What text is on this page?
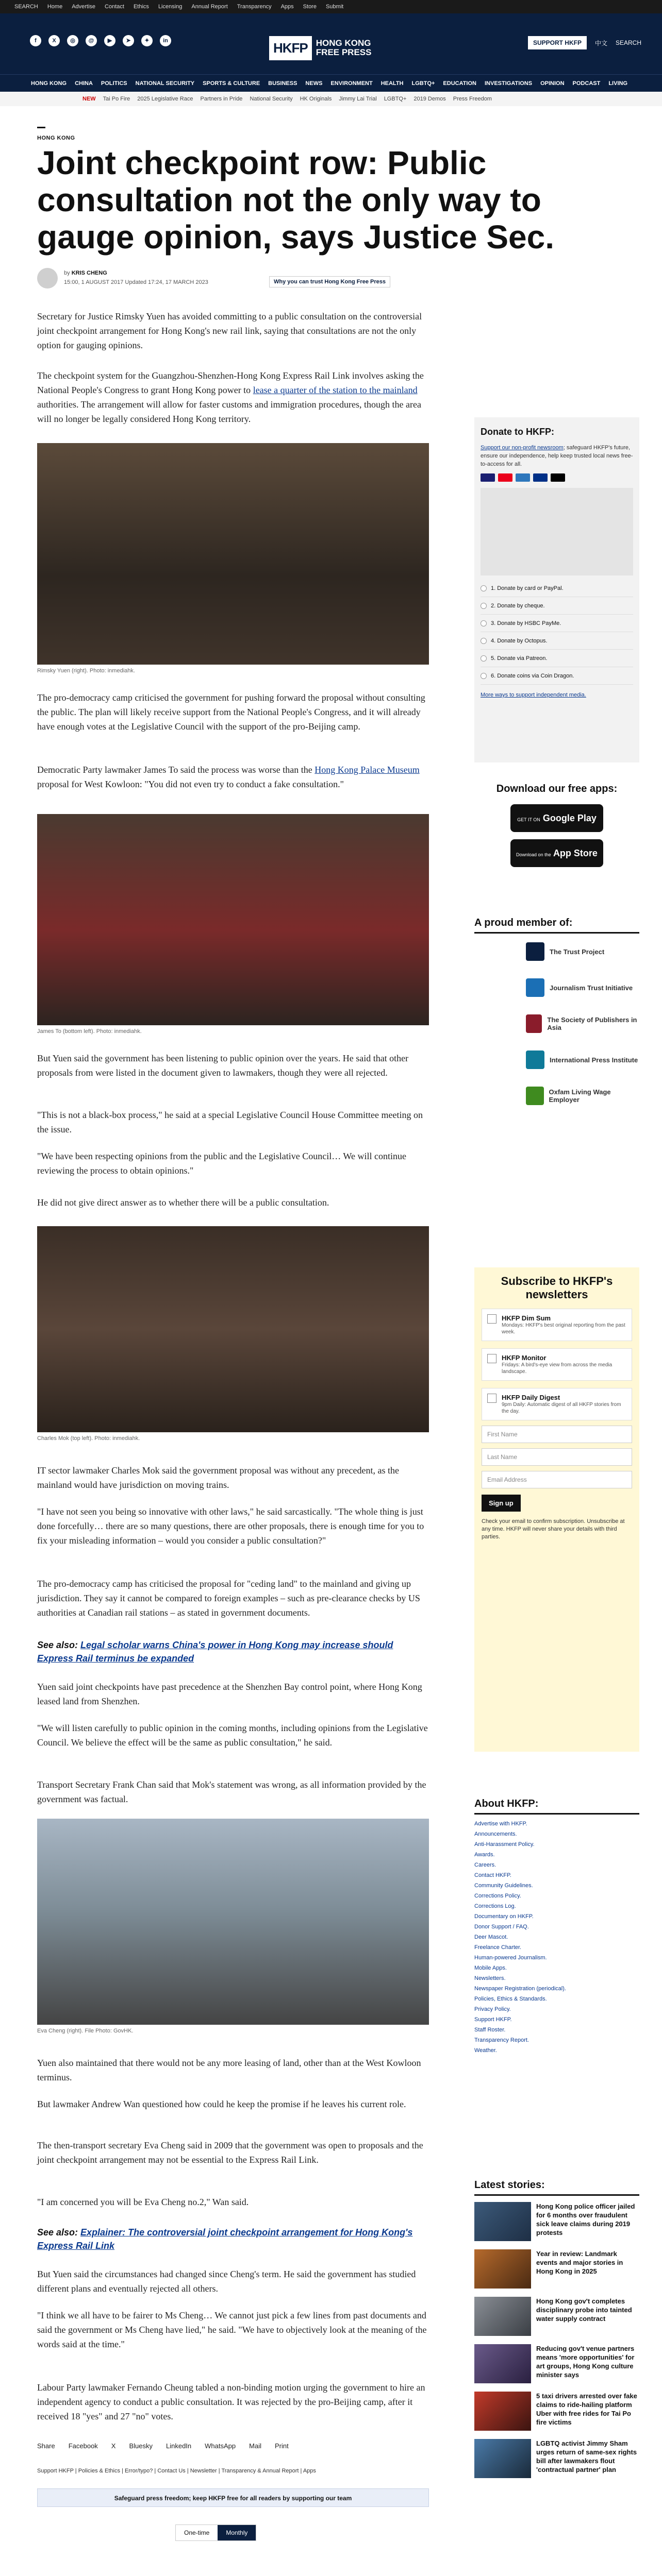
SEARCH Home Advertise Contact Ethics Licensing Annual Report Transparency Apps Store Submit
f	X	◎	@	▶	➤	✦	in	HKFP HONG KONG
FREE PRESS
SUPPORT HKFP	中文 SEARCH
HONG KONG CHINA POLITICS NATIONAL SECURITY SPORTS & CULTURE BUSINESS NEWS ENVIRONMENT HEALTH LGBTQ+ EDUCATION INVESTIGATIONS OPINION PODCAST LIVING
NEW Tai Po Fire 2025 Legislative Race Partners in Pride National Security HK Originals Jimmy Lai Trial LGBTQ+ 2019 Demos Press Freedom
HONG KONG
Joint checkpoint row: Public consultation not the only way to gauge opinion, says Justice Sec.
by KRIS CHENG
15:00, 1 AUGUST 2017 Updated 17:24, 17 MARCH 2023	Why you can trust Hong Kong Free Press
Secretary for Justice Rimsky Yuen has avoided committing to a public consultation on the controversial joint checkpoint arrangement for Hong Kong's new rail link, saying that consultations are not the only option for gauging opinions.
The checkpoint system for the Guangzhou-Shenzhen-Hong Kong Express Rail Link involves asking the National People's Congress to grant Hong Kong power to lease a quarter of the station to the mainland authorities. The arrangement will allow for faster customs and immigration procedures, though the area will no longer be legally considered Hong Kong territory.
Rimsky Yuen (right). Photo: inmediahk.
The pro-democracy camp criticised the government for pushing forward the proposal without consulting the public. The plan will likely receive support from the National People's Congress, and it will already have enough votes at the Legislative Council with the support of the pro-Beijing camp.
Democratic Party lawmaker James To said the process was worse than the Hong Kong Palace Museum proposal for West Kowloon: "You did not even try to conduct a fake consultation."
James To (bottom left). Photo: inmediahk.
But Yuen said the government has been listening to public opinion over the years. He said that other proposals from were listed in the document given to lawmakers, though they were all rejected.
"This is not a black-box process," he said at a special Legislative Council House Committee meeting on the issue.
"We have been respecting opinions from the public and the Legislative Council… We will continue reviewing the process to obtain opinions."
He did not give direct answer as to whether there will be a public consultation.
Charles Mok (top left). Photo: inmediahk.
IT sector lawmaker Charles Mok said the government proposal was without any precedent, as the mainland would have jurisdiction on moving trains.
"I have not seen you being so innovative with other laws," he said sarcastically. "The whole thing is just done forcefully… there are so many questions, there are other proposals, there is enough time for you to fix your misleading information – would you consider a public consultation?"
The pro-democracy camp has criticised the proposal for "ceding land" to the mainland and giving up jurisdiction. They say it cannot be compared to foreign examples – such as pre-clearance checks by US authorities at Canadian rail stations – as stated in government documents.
See also: Legal scholar warns China's power in Hong Kong may increase should Express Rail terminus be expanded
Yuen said joint checkpoints have past precedence at the Shenzhen Bay control point, where Hong Kong leased land from Shenzhen.
"We will listen carefully to public opinion in the coming months, including opinions from the Legislative Council. We believe the effect will be the same as public consultation," he said.
Transport Secretary Frank Chan said that Mok's statement was wrong, as all information provided by the government was factual.
Eva Cheng (right). File Photo: GovHK.
Yuen also maintained that there would not be any more leasing of land, other than at the West Kowloon terminus.
But lawmaker Andrew Wan questioned how could he keep the promise if he leaves his current role.
The then-transport secretary Eva Cheng said in 2009 that the government was open to proposals and the joint checkpoint arrangement may not be essential to the Express Rail Link.
"I am concerned you will be Eva Cheng no.2," Wan said.
See also: Explainer: The controversial joint checkpoint arrangement for Hong Kong's Express Rail Link
But Yuen said the circumstances had changed since Cheng's term. He said the government has studied different plans and eventually rejected all others.
"I think we all have to be fairer to Ms Cheng… We cannot just pick a few lines from past documents and said the government or Ms Cheng have lied," he said. "We have to objectively look at the meaning of the words said at the time."
Labour Party lawmaker Fernando Cheung tabled a non-binding motion urging the government to hire an independent agency to conduct a public consultation. It was rejected by the pro-Beijing camp, after it received 18 "yes" and 27 "no" votes.
Share Facebook X Bluesky LinkedIn WhatsApp Mail Print
Support HKFP | Policies & Ethics | Error/typo? | Contact Us | Newsletter | Transparency & Annual Report | Apps
Safeguard press freedom; keep HKFP free for all readers by supporting our team
One-time	Monthly
Donate to HKFP:

Support our non-profit newsroom; safeguard HKFP's future, ensure our independence, help keep trusted local news free-to-access for all.

1. Donate by card or PayPal.
2. Donate by cheque.
3. Donate by HSBC PayMe.
4. Donate by Octopus.
5. Donate via Patreon.
6. Donate coins via Coin Dragon.
More ways to support independent media.
Download our free apps:
GET IT ON Google Play
Download on the App Store
A proud member of:
The Trust Project
Journalism Trust Initiative
The Society of Publishers in Asia
International Press Institute
Oxfam Living Wage Employer
Subscribe to HKFP's newsletters
HKFP Dim Sum
Mondays: HKFP's best original reporting from the past week.
HKFP Monitor
Fridays: A bird's-eye view from across the media landscape.
HKFP Daily Digest
9pm Daily: Automatic digest of all HKFP stories from the day.
First Name
Last Name
Email Address
Sign up

Check your email to confirm subscription. Unsubscribe at any time. HKFP will never share your details with third parties.

About HKFP:
Advertise with HKFP.
Announcements.
Anti-Harassment Policy.
Awards.
Careers.
Contact HKFP.
Community Guidelines.
Corrections Policy.
Corrections Log.
Documentary on HKFP.
Donor Support / FAQ.
Deer Mascot.
Freelance Charter.
Human-powered Journalism.
Mobile Apps.
Newsletters.
Newspaper Registration (periodical).
Policies, Ethics & Standards.
Privacy Policy.
Support HKFP.
Staff Roster.
Transparency Report.
Weather.
Latest stories:
Hong Kong police officer jailed for 6 months over fraudulent sick leave claims during 2019 protests
Year in review: Landmark events and major stories in Hong Kong in 2025
Hong Kong gov't completes disciplinary probe into tainted water supply contract
Reducing gov't venue partners means 'more opportunities' for art groups, Hong Kong culture minister says
5 taxi drivers arrested over fake claims to ride-hailing platform Uber with free rides for Tai Po fire victims
LGBTQ activist Jimmy Sham urges return of same-sex rights bill after lawmakers flout 'contractual partner' plan
